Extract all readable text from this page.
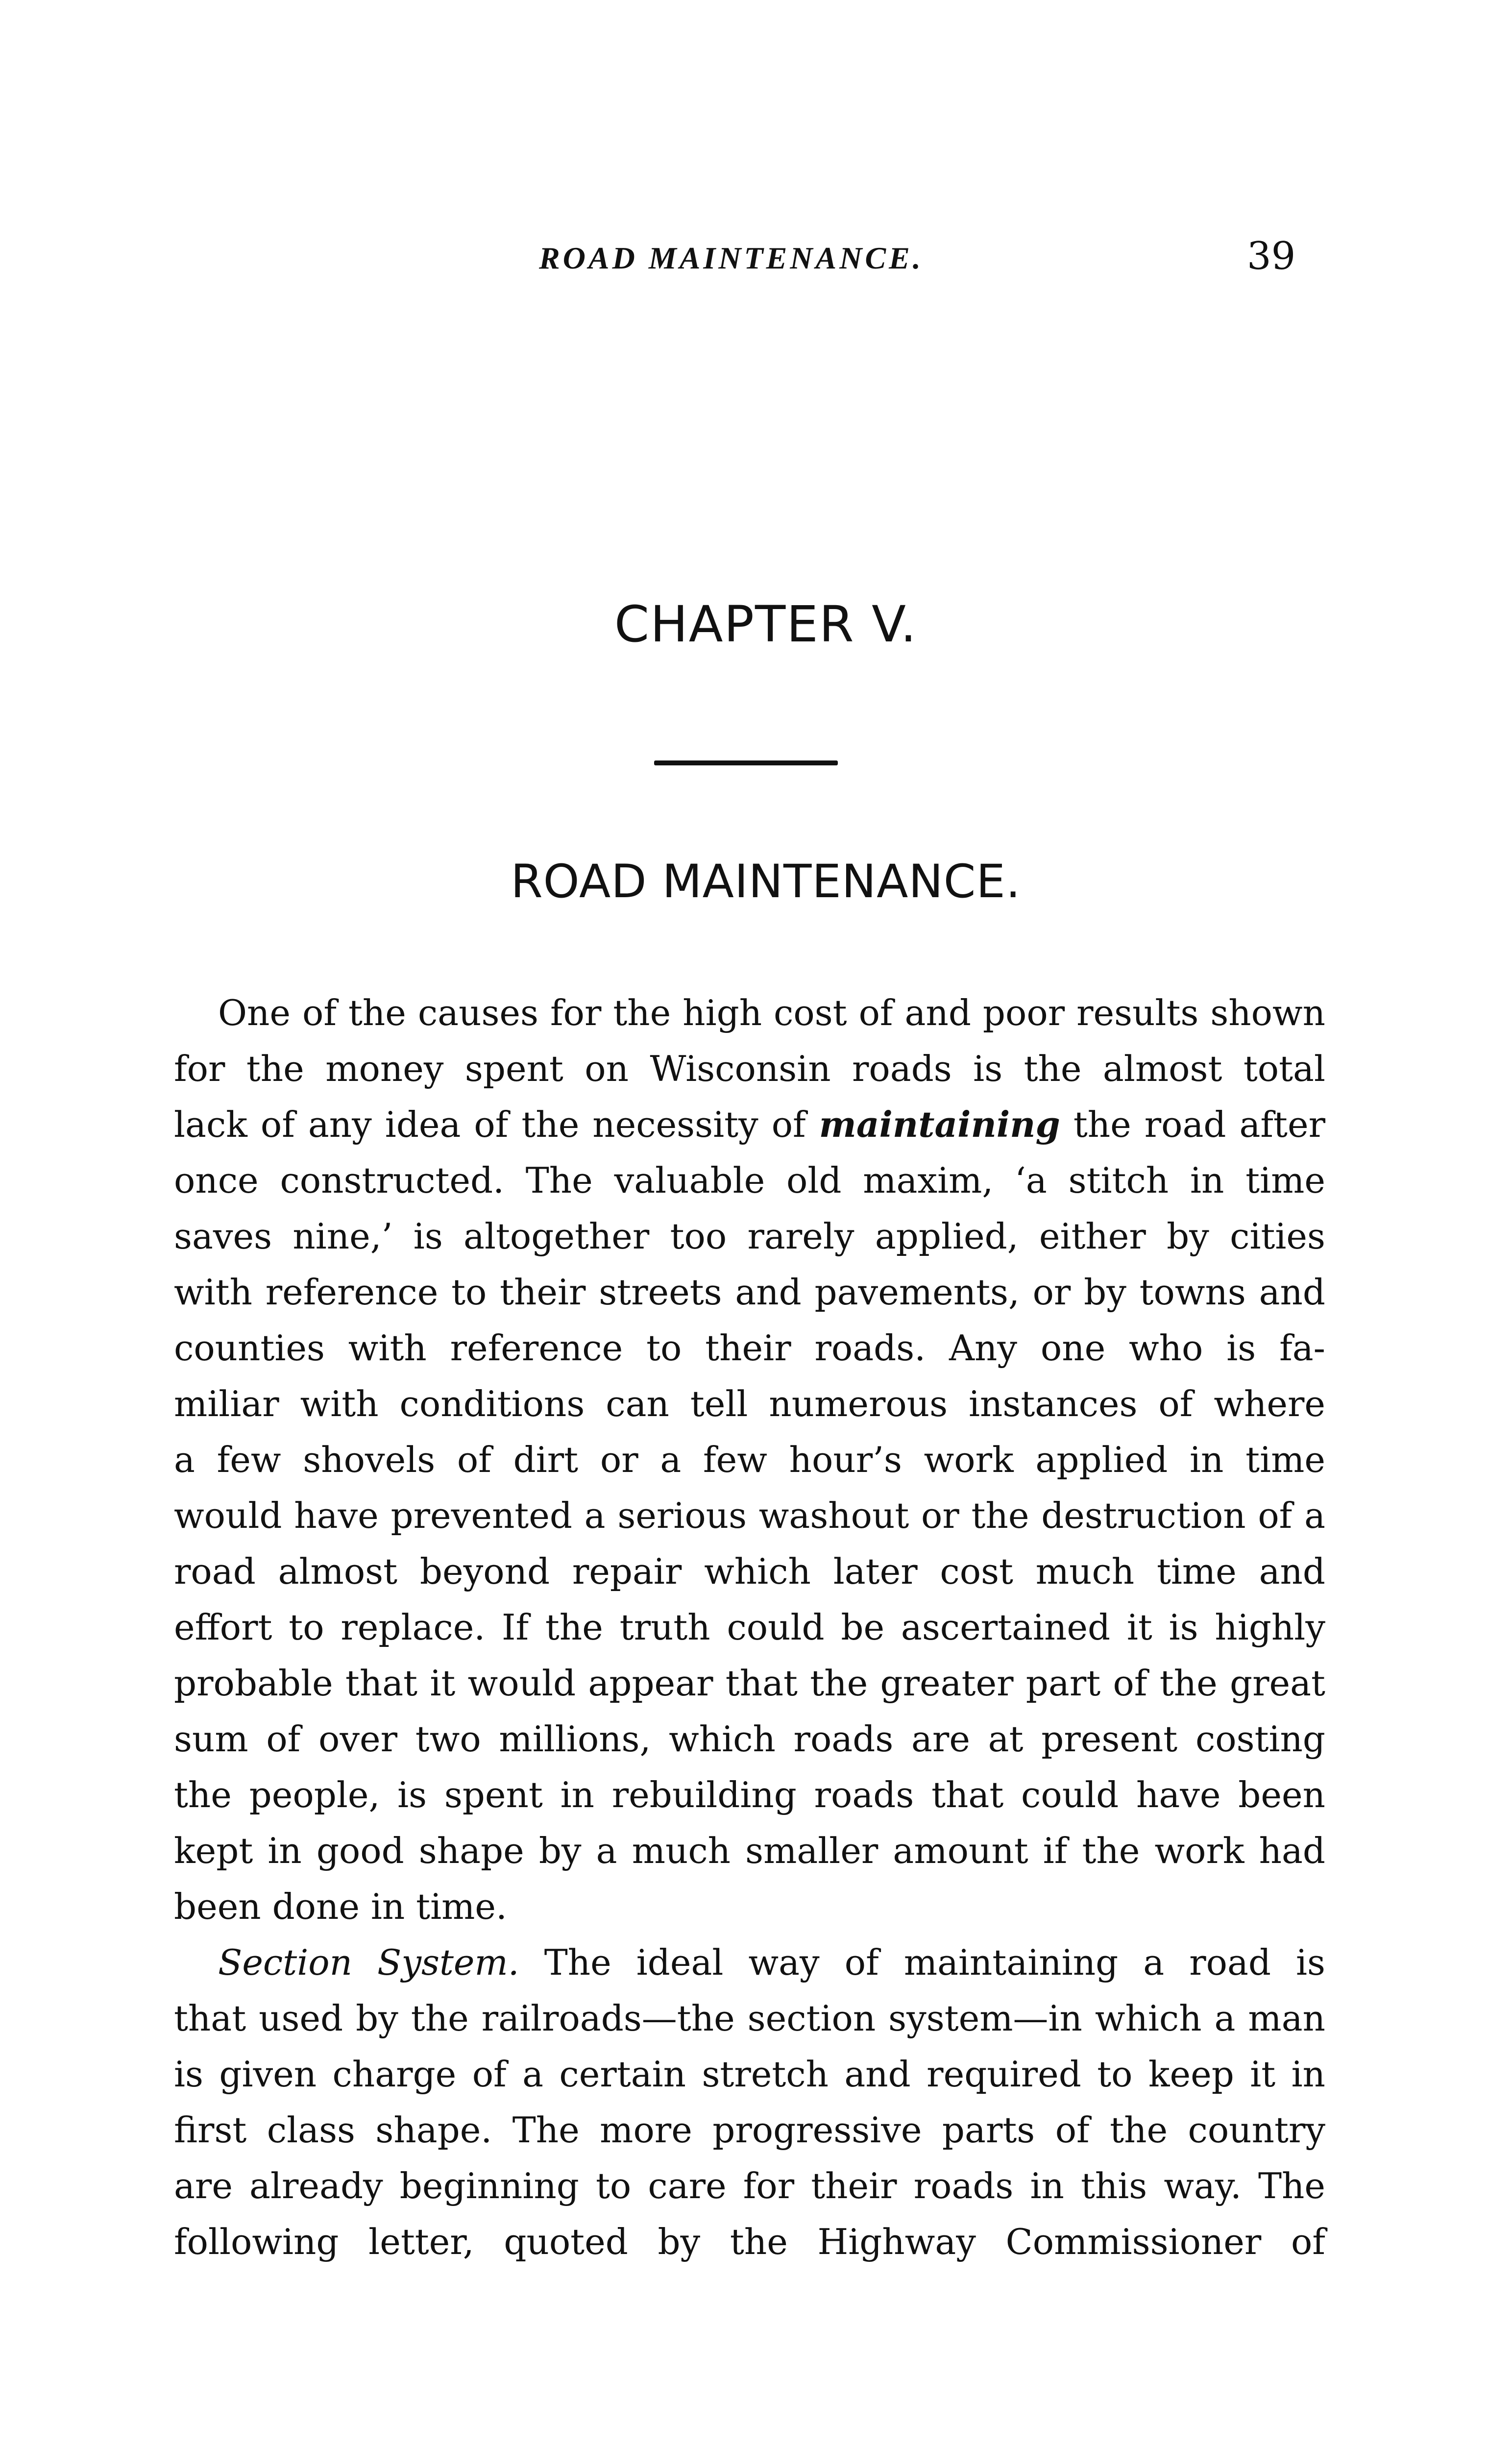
ROAD MAINTENANCE.	39
CHAPTER V.
ROAD MAINTENANCE.
One of the causes for the high cost of and poor results shown
for the money spent on Wisconsin roads is the almost total
lack of any idea of the necessity of maintaining the road after
once constructed. The valuable old maxim, ‘a stitch in time
saves nine,’ is altogether too rarely applied, either by cities
with reference to their streets and pavements, or by towns and
counties with reference to their roads. Any one who is fa-
miliar with conditions can tell numerous instances of where
a few shovels of dirt or a few hour’s work applied in time
would have prevented a serious washout or the destruction of a
road almost beyond repair which later cost much time and
effort to replace. If the truth could be ascertained it is highly
probable that it would appear that the greater part of the great
sum of over two millions, which roads are at present costing
the people, is spent in rebuilding roads that could have been
kept in good shape by a much smaller amount if the work had
been done in time.
Section System. The ideal way of maintaining a road is
that used by the railroads—the section system—in which a man
is given charge of a certain stretch and required to keep it in
first class shape. The more progressive parts of the country
are already beginning to care for their roads in this way. The
following letter, quoted by the Highway Commissioner of
